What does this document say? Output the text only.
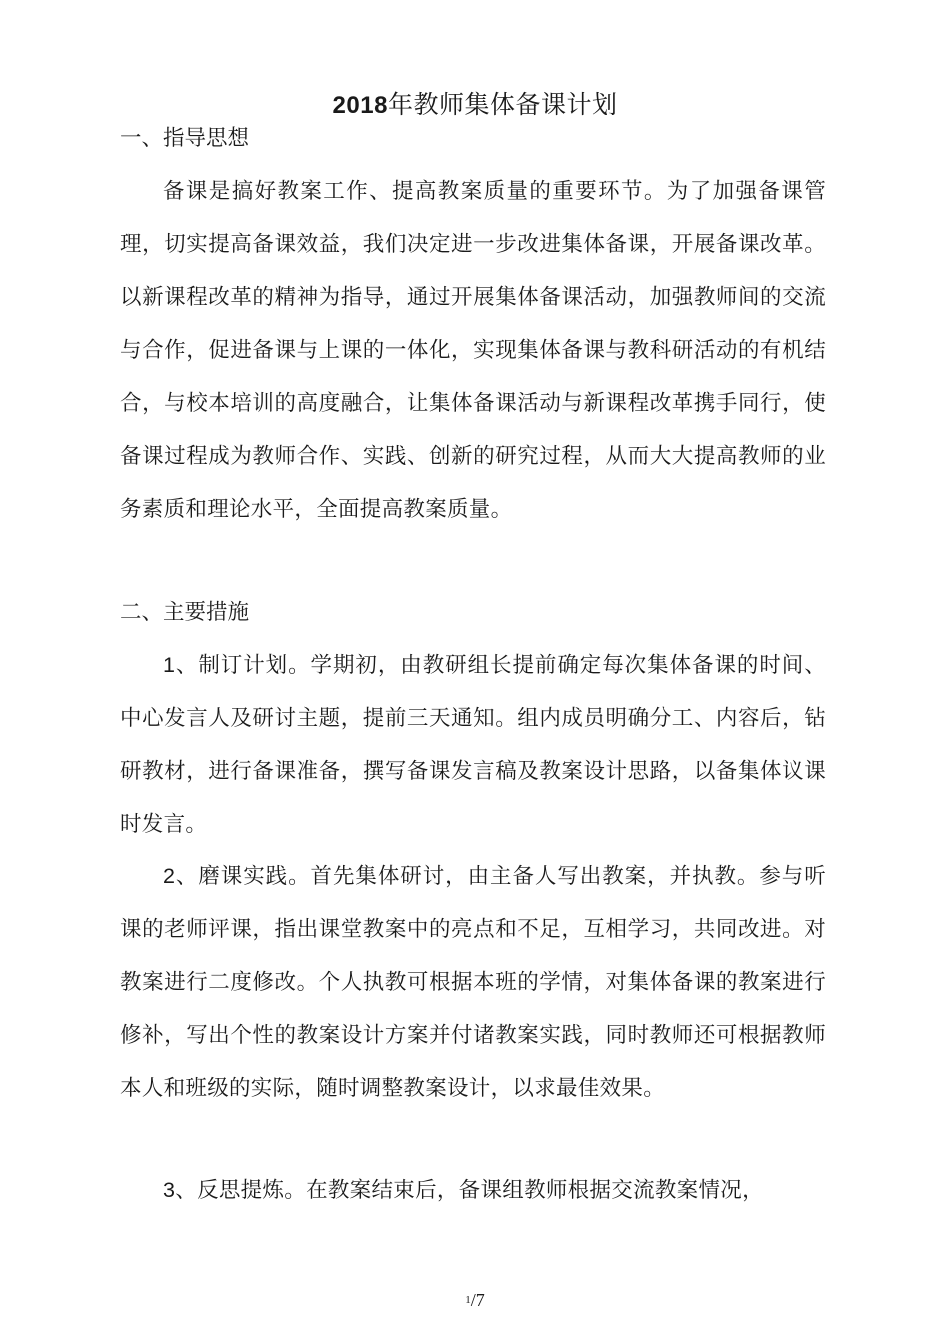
2018年教师集体备课计划

一、指导思想

备课是搞好教案工作、提高教案质量的重要环节。为了加强备课管理，切实提高备课效益，我们决定进一步改进集体备课，开展备课改革。以新课程改革的精神为指导，通过开展集体备课活动，加强教师间的交流与合作，促进备课与上课的一体化，实现集体备课与教科研活动的有机结合，与校本培训的高度融合，让集体备课活动与新课程改革携手同行，使备课过程成为教师合作、实践、创新的研究过程，从而大大提高教师的业务素质和理论水平，全面提高教案质量。

二、主要措施

1、制订计划。学期初，由教研组长提前确定每次集体备课的时间、中心发言人及研讨主题，提前三天通知。组内成员明确分工、内容后，钻研教材，进行备课准备，撰写备课发言稿及教案设计思路，以备集体议课时发言。

2、磨课实践。首先集体研讨，由主备人写出教案，并执教。参与听课的老师评课，指出课堂教案中的亮点和不足，互相学习，共同改进。对教案进行二度修改。个人执教可根据本班的学情，对集体备课的教案进行修补，写出个性的教案设计方案并付诸教案实践，同时教师还可根据教师本人和班级的实际，随时调整教案设计，以求最佳效果。

3、反思提炼。在教案结束后，备课组教师根据交流教案情况，

1/7
